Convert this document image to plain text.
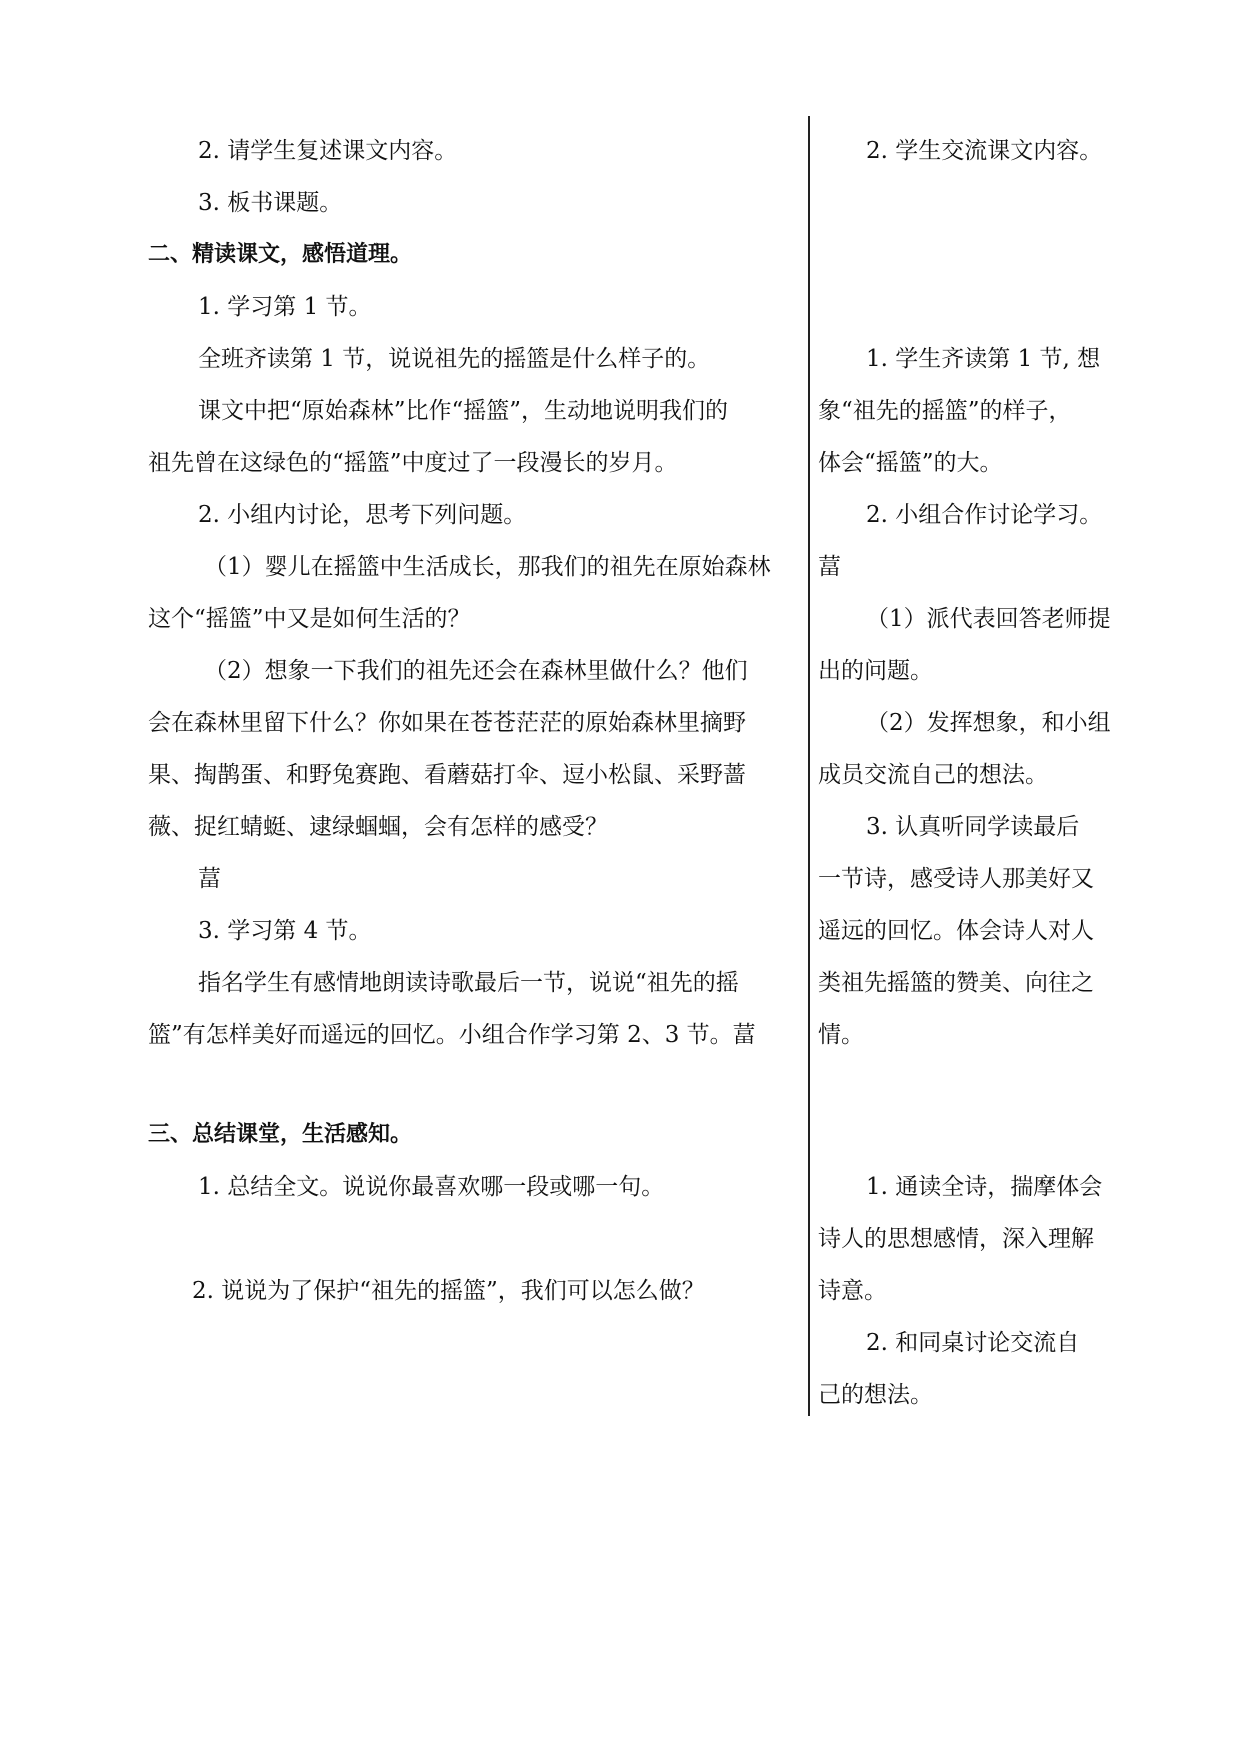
2. 请学生复述课文内容。
3. 板书课题。
二、精读课文，感悟道理。
1. 学习第 1 节。
全班齐读第 1 节，说说祖先的摇篮是什么样子的。
课文中把“原始森林”比作“摇篮”，生动地说明我们的
祖先曾在这绿色的“摇篮”中度过了一段漫长的岁月。
2. 小组内讨论，思考下列问题。
（1）婴儿在摇篮中生活成长，那我们的祖先在原始森林
这个“摇篮”中又是如何生活的？
（2）想象一下我们的祖先还会在森林里做什么？他们
会在森林里留下什么？你如果在苍苍茫茫的原始森林里摘野
果、掏鹊蛋、和野兔赛跑、看蘑菇打伞、逗小松鼠、采野蔷
薇、捉红蜻蜓、逮绿蝈蝈，会有怎样的感受？
葍
3. 学习第 4 节。
指名学生有感情地朗读诗歌最后一节，说说“祖先的摇
篮”有怎样美好而遥远的回忆。小组合作学习第 2、3 节。葍
三、总结课堂，生活感知。
1. 总结全文。说说你最喜欢哪一段或哪一句。
2. 说说为了保护“祖先的摇篮”，我们可以怎么做？
2. 学生交流课文内容。
1. 学生齐读第 1 节, 想
象“祖先的摇篮”的样子，
体会“摇篮”的大。
2. 小组合作讨论学习。
葍
（1）派代表回答老师提
出的问题。
（2）发挥想象，和小组
成员交流自己的想法。
3. 认真听同学读最后
一节诗，感受诗人那美好又
遥远的回忆。体会诗人对人
类祖先摇篮的赞美、向往之
情。
1. 通读全诗，揣摩体会
诗人的思想感情，深入理解
诗意。
2. 和同桌讨论交流自
己的想法。
